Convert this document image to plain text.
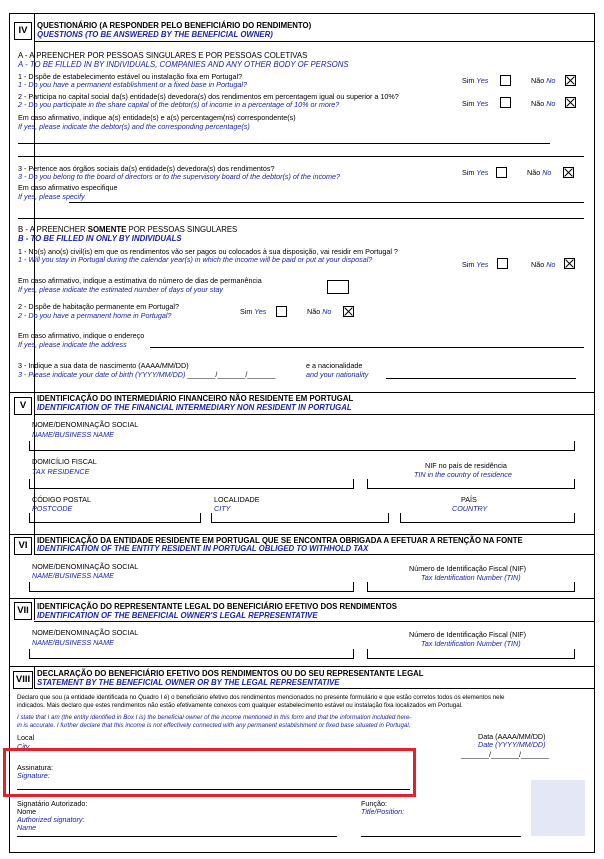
IV	QUESTIONÁRIO (A RESPONDER PELO BENEFICIÁRIO DO RENDIMENTO)
QUESTIONS (TO BE ANSWERED BY THE BENEFICIAL OWNER)
A - A PREENCHER POR PESSOAS SINGULARES E POR PESSOAS COLETIVAS
A - TO BE FILLED IN BY INDIVIDUALS, COMPANIES AND ANY OTHER BODY OF PERSONS
1 - Dispõe de estabelecimento estável ou instalação fixa em Portugal?
1 - Do you have a permanent establishment or a fixed base in Portugal?	Sim Yes	Não No
2 - Participa no capital social da(s) entidade(s) devedora(s) dos rendimentos em percentagem igual ou superior a 10%?
2 - Do you participate in the share capital of the debtor(s) of income in a percentage of 10% or more?	Sim Yes	Não No
Em caso afirmativo, indique a(s) entidade(s) e a(s) percentagem(ns) correspondente(s)
If yes, please indicate the debtor(s) and the corresponding percentage(s)
3 - Pertence aos órgãos sociais da(s) entidade(s) devedora(s) dos rendimentos?
3 - Do you belong to the board of directors or to the supervisory board of the debtor(s) of the income?	Sim Yes	Não No
Em caso afirmativo especifique
If yes, please specify
B - A PREENCHER SOMENTE POR PESSOAS SINGULARES
B - TO BE FILLED IN ONLY BY INDIVIDUALS
1 - No(s) ano(s) civil(is) em que os rendimentos vão ser pagos ou colocados à sua disposição, vai residir em Portugal ?
1 - Will you stay in Portugal during the calendar year(s) in which the income will be paid or put at your disposal?
Sim Yes	Não No
Em caso afirmativo, indique a estimativa do número de dias de permanência
If yes, please indicate the estimated number of days of your stay
2 - Dispõe de habitação permanente em Portugal?
2 - Do you have a permanent home in Portugal?	Sim Yes	Não No
Em caso afirmativo, indique o endereço
If yes, please indicate the address
3 - Indique a sua data de nascimento (AAAA/MM/DD)
3 - Please indicate your date of birth (YYYY/MM/DD) _______/_______/_______
e a nacionalidade
and your nationality
V
IDENTIFICAÇÃO DO INTERMEDIÁRIO FINANCEIRO NÃO RESIDENTE EM PORTUGAL
IDENTIFICATION OF THE FINANCIAL INTERMEDIARY NON RESIDENT IN PORTUGAL
NOME/DENOMINAÇÃO SOCIAL
NAME/BUSINESS NAME
DOMICÍLIO FISCAL
TAX RESIDENCE
NIF no país de residência
TIN in the country of residence
CÓDIGO POSTAL
POSTCODE
LOCALIDADE
CITY
PAÍS
COUNTRY
VI	IDENTIFICAÇÃO DA ENTIDADE RESIDENTE EM PORTUGAL QUE SE ENCONTRA OBRIGADA A EFETUAR A RETENÇÃO NA FONTE
IDENTIFICATION OF THE ENTITY RESIDENT IN PORTUGAL OBLIGED TO WITHHOLD TAX
NOME/DENOMINAÇÃO SOCIAL
NAME/BUSINESS NAME
Número de Identificação Fiscal (NIF)
Tax Identification Number (TIN)
VII	IDENTIFICAÇÃO DO REPRESENTANTE LEGAL DO BENEFICIÁRIO EFETIVO DOS RENDIMENTOS
IDENTIFICATION OF THE BENEFICIAL OWNER'S LEGAL REPRESENTATIVE
NOME/DENOMINAÇÃO SOCIAL
NAME/BUSINESS NAME
Número de Identificação Fiscal (NIF)
Tax Identification Number (TIN)
VIII
DECLARAÇÃO DO BENEFICIÁRIO EFETIVO DOS RENDIMENTOS OU DO SEU REPRESENTANTE LEGAL
STATEMENT BY THE BENEFICIAL OWNER OR BY THE LEGAL REPRESENTATIVE
Declaro que sou (a entidade identificada no Quadro I é) o beneficiário efetivo dos rendimentos mencionados no presente formulário e que estão corretos todos os elementos nele
indicados. Mais declaro que estes rendimentos não estão efetivamente conexos com qualquer estabelecimento estável ou instalação fixa localizados em Portugal.
I state that I am (the entity identified in Box I is) the beneficial owner of the income mentioned in this form and that the information included here-
in is accurate. I further declare that this income is not effectively connected with any permanent establishment or fixed base situated in Portugal.
Local
City
Data (AAAA/MM/DD)
Date (YYYY/MM/DD)
_______/_______/_______
Assinatura:
Signature:
Signatário Autorizado:
Nome
Authorized signatory:
Name
Função:
Title/Position:
